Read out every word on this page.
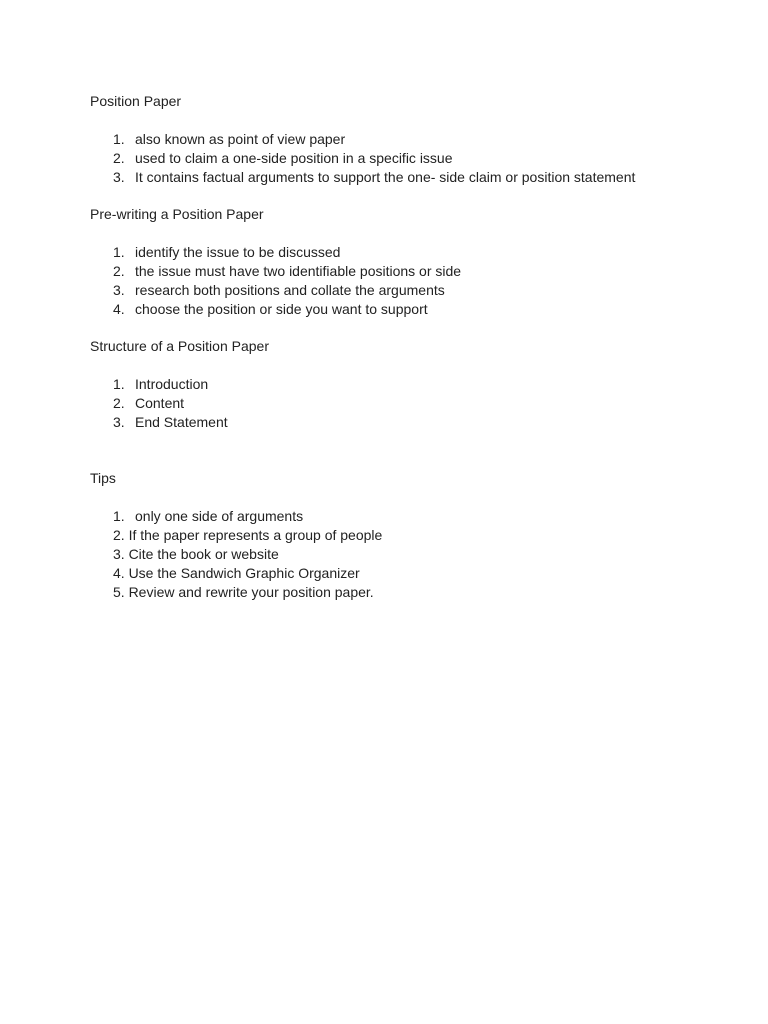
Position Paper

1. also known as point of view paper
2. used to claim a one-side position in a specific issue
3. It contains factual arguments to support the one- side claim or position statement

Pre-writing a Position Paper

1. identify the issue to be discussed
2. the issue must have two identifiable positions or side
3. research both positions and collate the arguments
4. choose the position or side you want to support

Structure of a Position Paper

1. Introduction
2. Content
3. End Statement

Tips

1. only one side of arguments
2. If the paper represents a group of people
3. Cite the book or website
4. Use the Sandwich Graphic Organizer
5. Review and rewrite your position paper.
